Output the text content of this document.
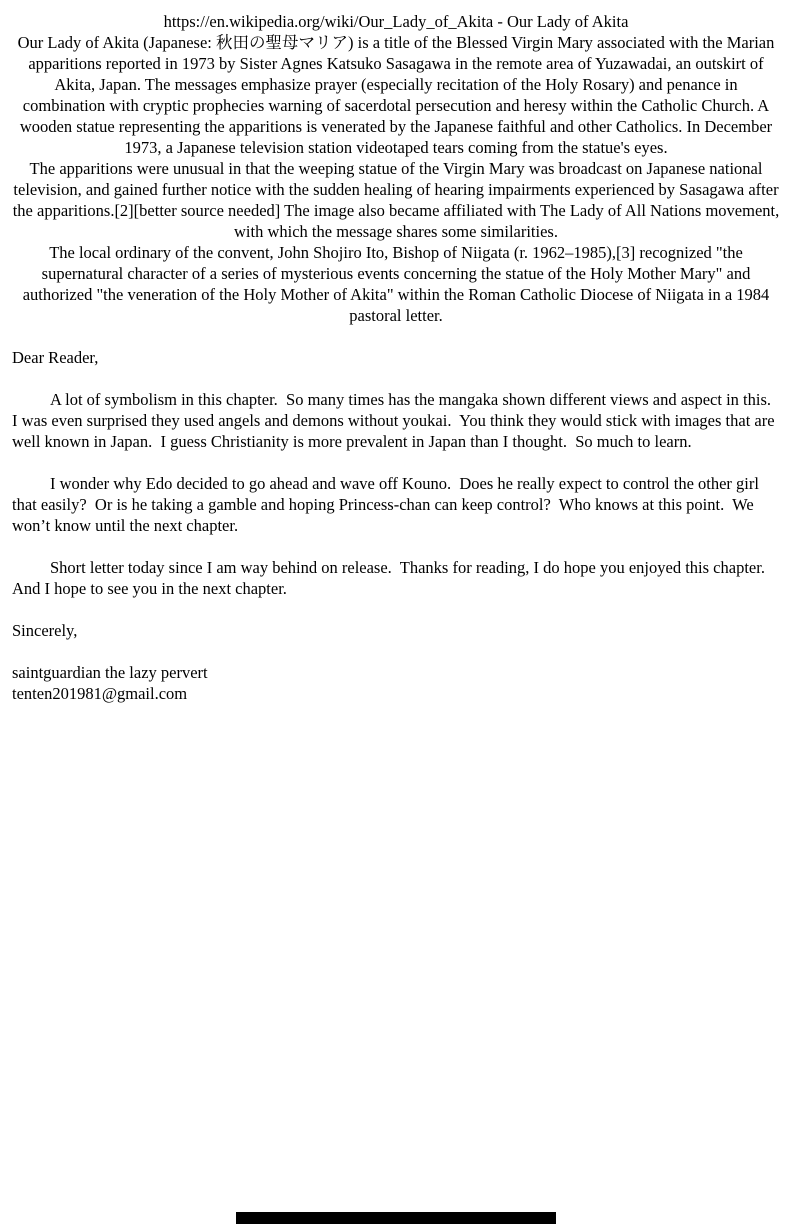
https://en.wikipedia.org/wiki/Our_Lady_of_Akita - Our Lady of Akita

Our Lady of Akita (Japanese: 秋田の聖母マリア) is a title of the Blessed Virgin Mary associated with the Marian apparitions reported in 1973 by Sister Agnes Katsuko Sasagawa in the remote area of Yuzawadai, an outskirt of Akita, Japan. The messages emphasize prayer (especially recitation of the Holy Rosary) and penance in combination with cryptic prophecies warning of sacerdotal persecution and heresy within the Catholic Church. A wooden statue representing the apparitions is venerated by the Japanese faithful and other Catholics. In December 1973, a Japanese television station videotaped tears coming from the statue's eyes.

The apparitions were unusual in that the weeping statue of the Virgin Mary was broadcast on Japanese national television, and gained further notice with the sudden healing of hearing impairments experienced by Sasagawa after the apparitions.[2][better source needed] The image also became affiliated with The Lady of All Nations movement, with which the message shares some similarities.

The local ordinary of the convent, John Shojiro Ito, Bishop of Niigata (r. 1962–1985),[3] recognized "the supernatural character of a series of mysterious events concerning the statue of the Holy Mother Mary" and authorized "the veneration of the Holy Mother of Akita" within the Roman Catholic Diocese of Niigata in a 1984 pastoral letter.

Dear Reader,

A lot of symbolism in this chapter.  So many times has the mangaka shown different views and aspect in this.  I was even surprised they used angels and demons without youkai.  You think they would stick with images that are well known in Japan.  I guess Christianity is more prevalent in Japan than I thought.  So much to learn.

I wonder why Edo decided to go ahead and wave off Kouno.  Does he really expect to control the other girl that easily?  Or is he taking a gamble and hoping Princess-chan can keep control?  Who knows at this point.  We won’t know until the next chapter.

Short letter today since I am way behind on release.  Thanks for reading, I do hope you enjoyed this chapter.  And I hope to see you in the next chapter.

Sincerely,

saintguardian the lazy pervert

tenten201981@gmail.com
